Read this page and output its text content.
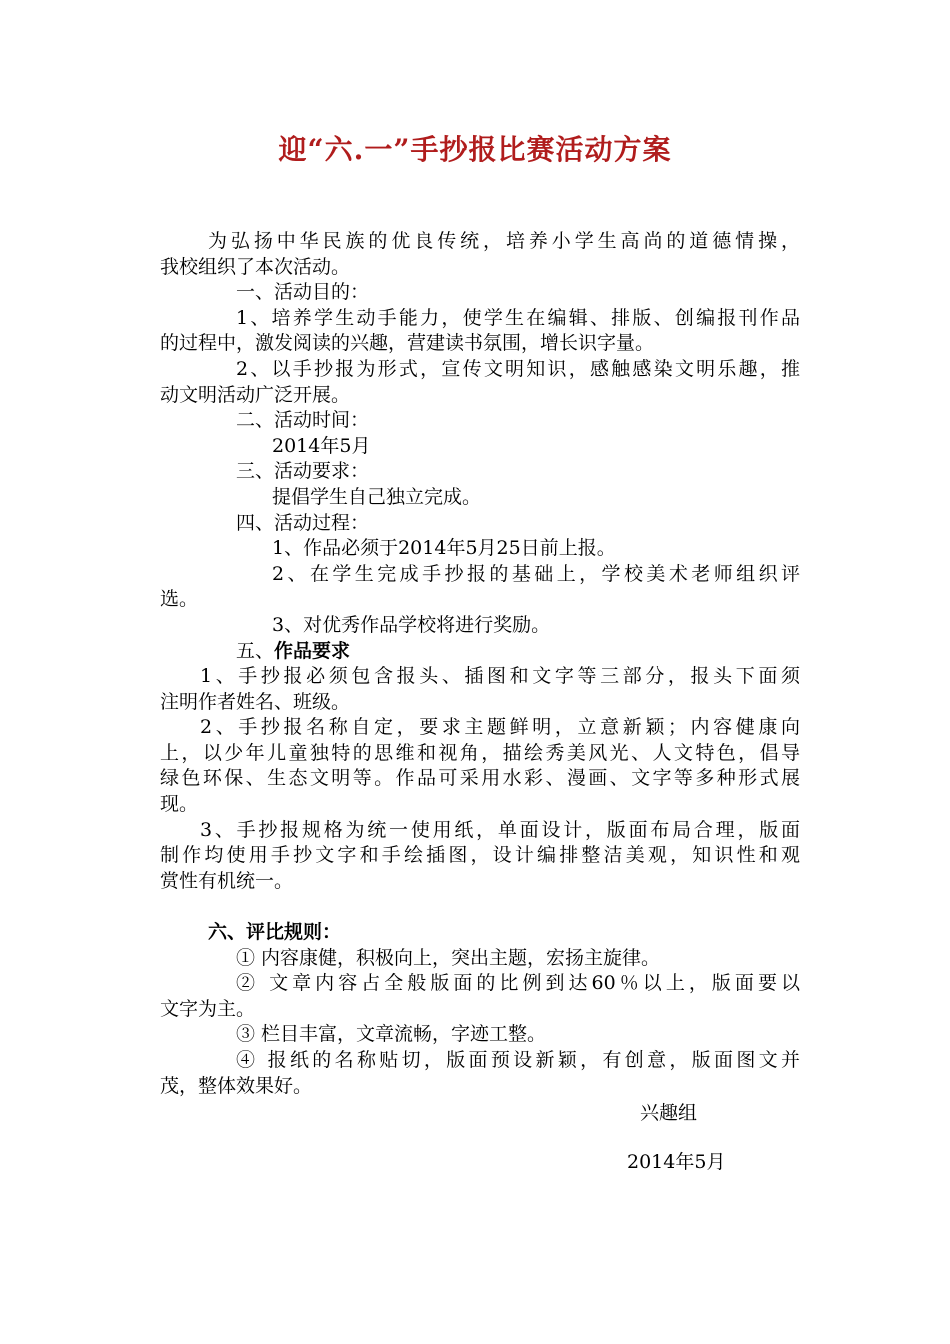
迎“六.一”手抄报比赛活动方案
为弘扬中华民族的优良传统，培养小学生高尚的道德情操，
我校组织了本次活动。
一、活动目的：
1、培养学生动手能力，使学生在编辑、排版、创编报刊作品
的过程中，激发阅读的兴趣，营建读书氛围，增长识字量。
2、以手抄报为形式，宣传文明知识，感触感染文明乐趣，推
动文明活动广泛开展。
二、活动时间：
2014年5月
三、活动要求：
提倡学生自己独立完成。
四、活动过程：
1、作品必须于2014年5月25日前上报。
2、在学生完成手抄报的基础上，学校美术老师组织评
选。
3、对优秀作品学校将进行奖励。
五、作品要求
1、手抄报必须包含报头、插图和文字等三部分，报头下面须
注明作者姓名、班级。
2、手抄报名称自定，要求主题鲜明，立意新颖；内容健康向
上，以少年儿童独特的思维和视角，描绘秀美风光、人文特色，倡导
绿色环保、生态文明等。作品可采用水彩、漫画、文字等多种形式展
现。
3、手抄报规格为统一使用纸，单面设计，版面布局合理，版面
制作均使用手抄文字和手绘插图，设计编排整洁美观，知识性和观
赏性有机统一。
六、评比规则：
① 内容康健，积极向上，突出主题，宏扬主旋律。
② 文章内容占全般版面的比例到达60％以上，版面要以
文字为主。
③ 栏目丰富，文章流畅，字迹工整。
④ 报纸的名称贴切，版面预设新颖，有创意，版面图文并
茂，整体效果好。
兴趣组
2014年5月
